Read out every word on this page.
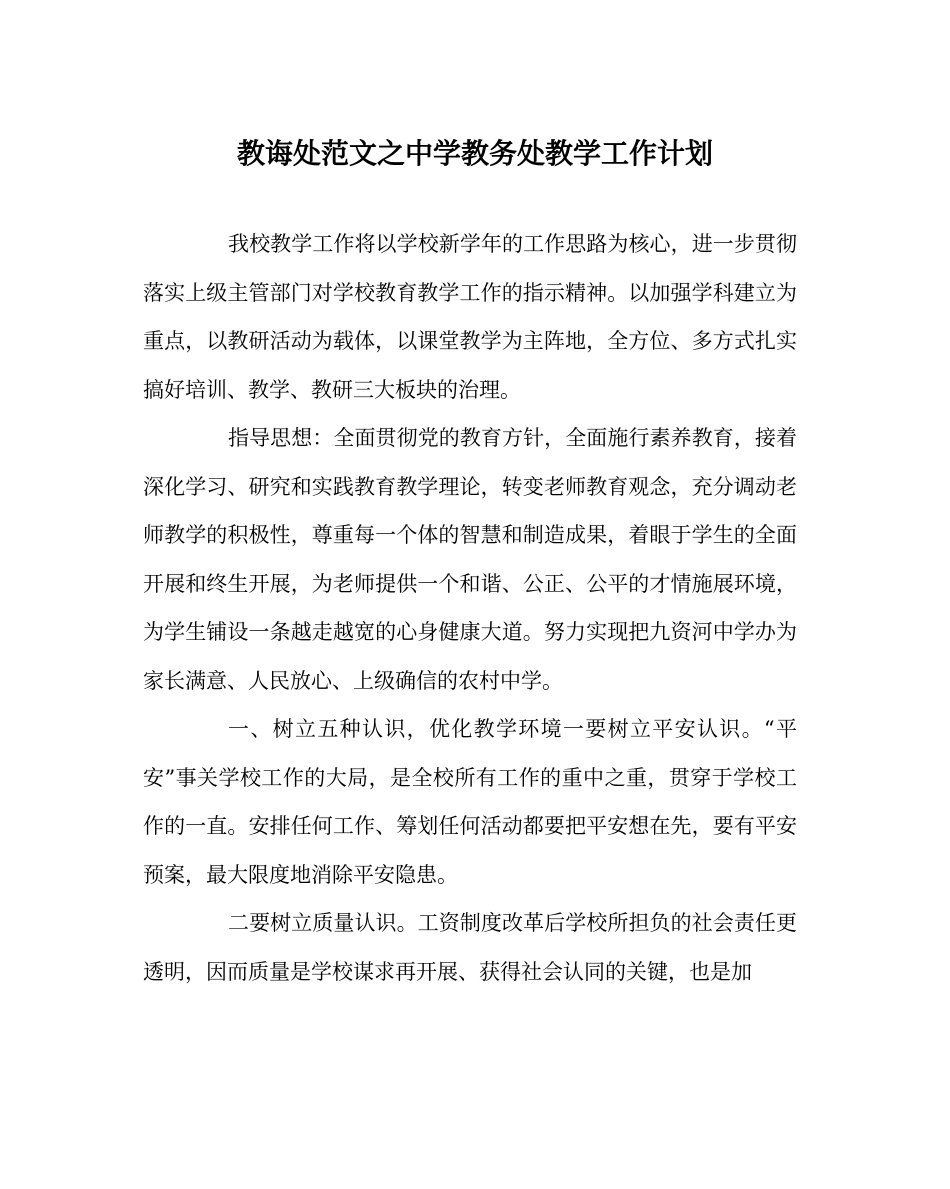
教诲处范文之中学教务处教学工作计划

我校教学工作将以学校新学年的工作思路为核心，进一步贯彻落实上级主管部门对学校教育教学工作的指示精神。以加强学科建立为重点，以教研活动为载体，以课堂教学为主阵地，全方位、多方式扎实搞好培训、教学、教研三大板块的治理。

指导思想：全面贯彻党的教育方针，全面施行素养教育，接着深化学习、研究和实践教育教学理论，转变老师教育观念，充分调动老师教学的积极性，尊重每一个体的智慧和制造成果，着眼于学生的全面开展和终生开展，为老师提供一个和谐、公正、公平的才情施展环境，为学生铺设一条越走越宽的心身健康大道。努力实现把九资河中学办为家长满意、人民放心、上级确信的农村中学。

一、树立五种认识，优化教学环境一要树立平安认识。“平安”事关学校工作的大局，是全校所有工作的重中之重，贯穿于学校工作的一直。安排任何工作、筹划任何活动都要把平安想在先，要有平安预案，最大限度地消除平安隐患。

二要树立质量认识。工资制度改革后学校所担负的社会责任更透明，因而质量是学校谋求再开展、获得社会认同的关键，也是加
